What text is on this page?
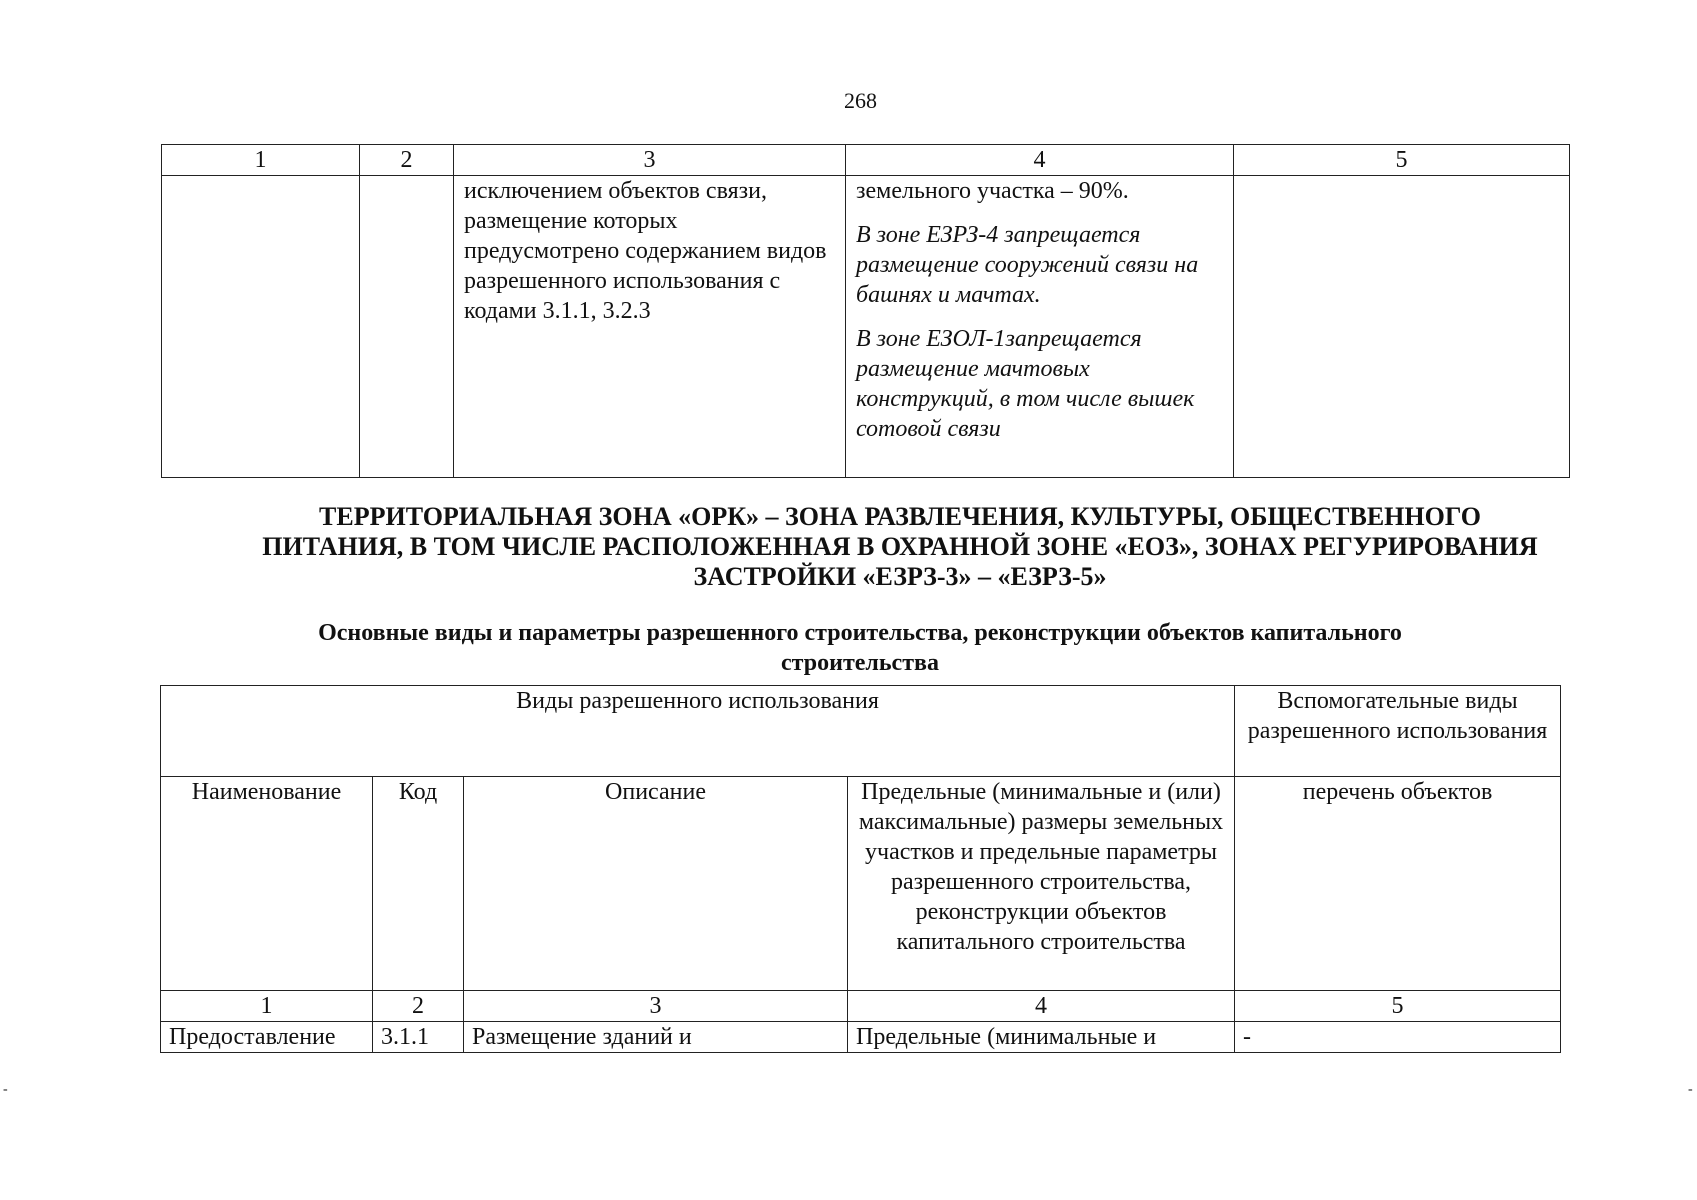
268
1	2	3	4	5
		исключением объектов связи, размещение которых предусмотрено содержанием видов разрешенного использования с кодами 3.1.1, 3.2.3	земельного участка – 90%.
В зоне ЕЗРЗ-4 запрещается размещение сооружений связи на башнях и мачтах.
В зоне ЕЗОЛ-1запрещается размещение мачтовых конструкций, в том числе вышек сотовой связи	

ТЕРРИТОРИАЛЬНАЯ ЗОНА «ОРК» – ЗОНА РАЗВЛЕЧЕНИЯ, КУЛЬТУРЫ, ОБЩЕСТВЕННОГО
ПИТАНИЯ, В ТОМ ЧИСЛЕ РАСПОЛОЖЕННАЯ В ОХРАННОЙ ЗОНЕ «ЕОЗ», ЗОНАХ РЕГУРИРОВАНИЯ
ЗАСТРОЙКИ «ЕЗРЗ-3» – «ЕЗРЗ-5»
Основные виды и параметры разрешенного строительства, реконструкции объектов капитального
строительства
Виды разрешенного использования				Вспомогательные виды разрешенного использования
Наименование	Код	Описание	Предельные (минимальные и (или) максимальные) размеры земельных участков и предельные параметры разрешенного строительства, реконструкции объектов капитального строительства	перечень объектов
1	2	3	4	5
Предоставление	3.1.1	Размещение зданий и	Предельные (минимальные и	-
-	-
